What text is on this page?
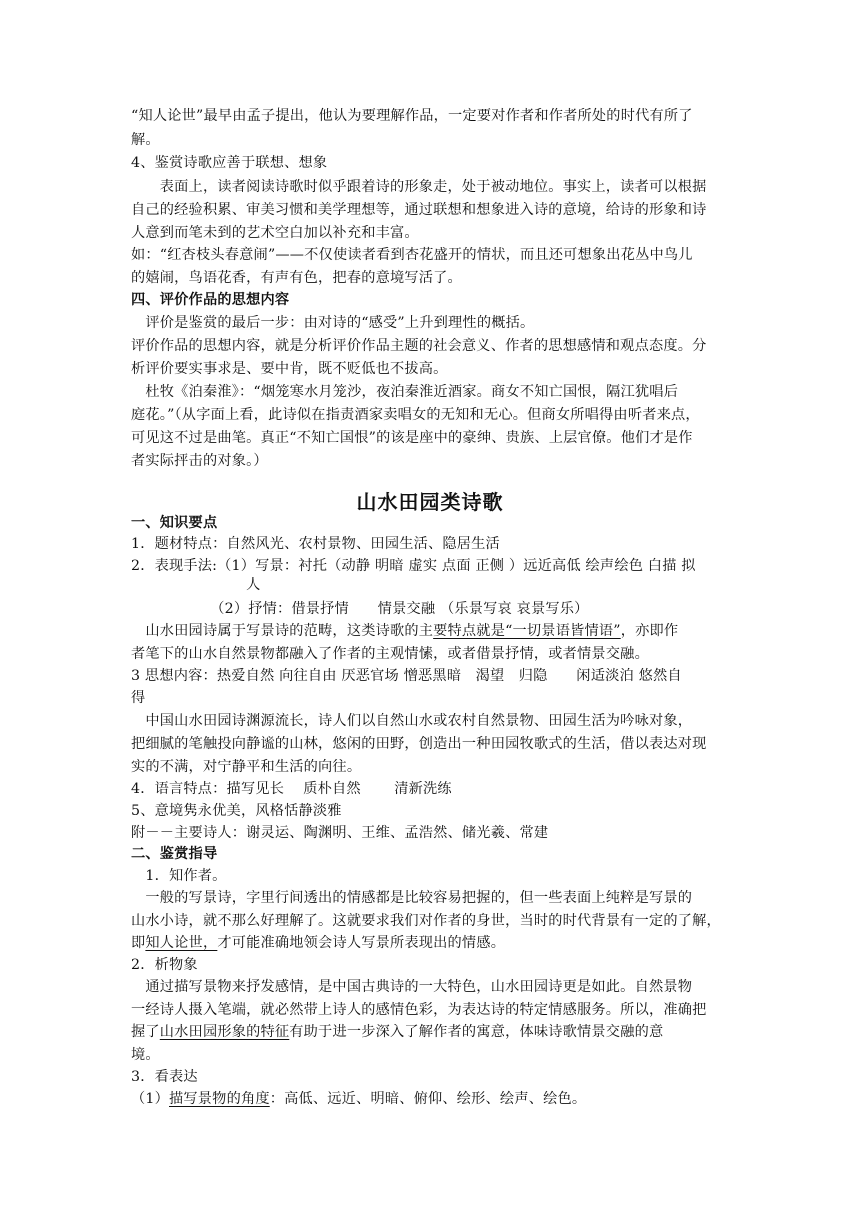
“知人论世”最早由孟子提出，他认为要理解作品，一定要对作者和作者所处的时代有所了
解。
4、鉴赏诗歌应善于联想、想象
　　表面上，读者阅读诗歌时似乎跟着诗的形象走，处于被动地位。事实上，读者可以根据
自己的经验积累、审美习惯和美学理想等，通过联想和想象进入诗的意境，给诗的形象和诗
人意到而笔未到的艺术空白加以补充和丰富。
如：“红杏枝头春意闹”——不仅使读者看到杏花盛开的情状，而且还可想象出花丛中鸟儿
的嬉闹，鸟语花香，有声有色，把春的意境写活了。
四、评价作品的思想内容
　评价是鉴赏的最后一步：由对诗的“感受”上升到理性的概括。
评价作品的思想内容，就是分析评价作品主题的社会意义、作者的思想感情和观点态度。分
析评价要实事求是、要中肯，既不贬低也不拔高。
　杜牧《泊秦淮》：“烟笼寒水月笼沙，夜泊秦淮近酒家。商女不知亡国恨，隔江犹唱后
庭花。”（从字面上看，此诗似在指责酒家卖唱女的无知和无心。但商女所唱得由听者来点，
可见这不过是曲笔。真正“不知亡国恨”的该是座中的豪绅、贵族、上层官僚。他们才是作
者实际抨击的对象。）
山水田园类诗歌
一、知识要点
1．题材特点：自然风光、农村景物、田园生活、隐居生活
2．表现手法:（1）写景：衬托（动静 明暗 虚实 点面 正侧 ）远近高低 绘声绘色 白描 拟
　　　　　　　　人
　　　　　　（2）抒情：借景抒情　　情景交融 （乐景写哀 哀景写乐）
　山水田园诗属于写景诗的范畴，这类诗歌的主要特点就是“一切景语皆情语”，亦即作
者笔下的山水自然景物都融入了作者的主观情愫，或者借景抒情，或者情景交融。
3 思想内容：热爱自然 向往自由 厌恶官场 憎恶黑暗　渴望　归隐　　闲适淡泊 悠然自
得
　中国山水田园诗渊源流长，诗人们以自然山水或农村自然景物、田园生活为吟咏对象，
把细腻的笔触投向静谧的山林，悠闲的田野，创造出一种田园牧歌式的生活，借以表达对现
实的不满，对宁静平和生活的向往。
4．语言特点：描写见长　 质朴自然　　 清新洗练
5、意境隽永优美，风格恬静淡雅
附－－主要诗人：谢灵运、陶渊明、王维、孟浩然、储光羲、常建
二、鉴赏指导
　1．知作者。
　一般的写景诗，字里行间透出的情感都是比较容易把握的，但一些表面上纯粹是写景的
山水小诗，就不那么好理解了。这就要求我们对作者的身世，当时的时代背景有一定的了解，
即知人论世，才可能准确地领会诗人写景所表现出的情感。
2．析物象
　通过描写景物来抒发感情，是中国古典诗的一大特色，山水田园诗更是如此。自然景物
一经诗人摄入笔端，就必然带上诗人的感情色彩，为表达诗的特定情感服务。所以，准确把
握了山水田园形象的特征有助于进一步深入了解作者的寓意，体味诗歌情景交融的意
境。
3．看表达
（1）描写景物的角度：高低、远近、明暗、俯仰、绘形、绘声、绘色。
